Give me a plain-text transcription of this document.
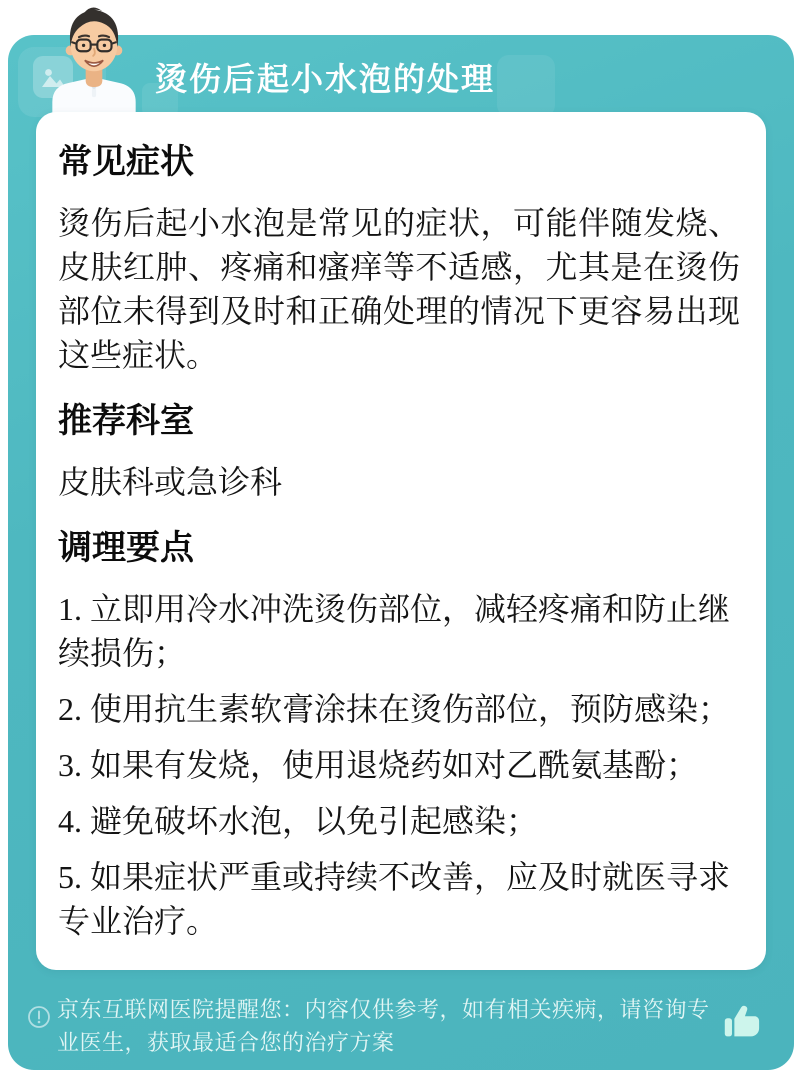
烫伤后起小水泡的处理
常见症状

烫伤后起小水泡是常见的症状，可能伴随发烧、皮肤红肿、疼痛和瘙痒等不适感，尤其是在烫伤部位未得到及时和正确处理的情况下更容易出现这些症状。

推荐科室

皮肤科或急诊科

调理要点
1. 立即用冷水冲洗烫伤部位，减轻疼痛和防止继续损伤；
2. 使用抗生素软膏涂抹在烫伤部位，预防感染；
3. 如果有发烧，使用退烧药如对乙酰氨基酚；
4. 避免破坏水泡，以免引起感染；
5. 如果症状严重或持续不改善，应及时就医寻求专业治疗。
京东互联网医院提醒您：内容仅供参考，如有相关疾病，请咨询专业医生，获取最适合您的治疗方案
